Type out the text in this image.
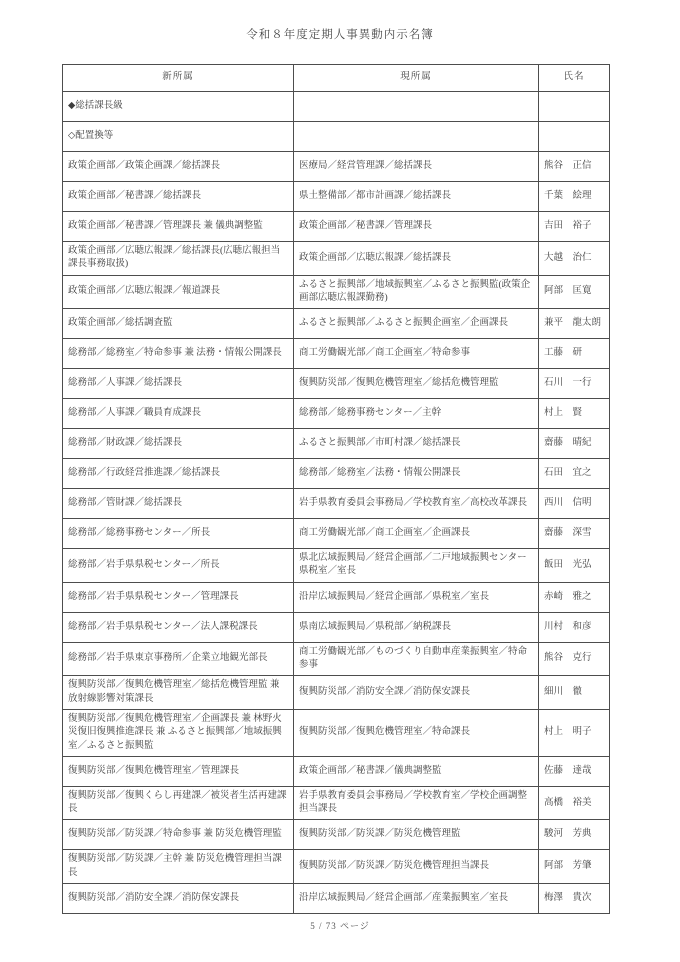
令和８年度定期人事異動内示名簿
新所属	現所属	氏名
◆総括課長級		
◇配置換等		
政策企画部／政策企画課／総括課長	医療局／経営管理課／総括課長	熊谷　正信
政策企画部／秘書課／総括課長	県土整備部／都市計画課／総括課長	千葉　絵理
政策企画部／秘書課／管理課長 兼 儀典調整監	政策企画部／秘書課／管理課長	吉田　裕子
政策企画部／広聴広報課／総括課長(広聴広報担当課長事務取扱)	政策企画部／広聴広報課／総括課長	大越　治仁
政策企画部／広聴広報課／報道課長	ふるさと振興部／地域振興室／ふるさと振興監(政策企画部広聴広報課勤務)	阿部　匡寛
政策企画部／総括調査監	ふるさと振興部／ふるさと振興企画室／企画課長	兼平　龍太朗
総務部／総務室／特命参事 兼 法務・情報公開課長	商工労働観光部／商工企画室／特命参事	工藤　研
総務部／人事課／総括課長	復興防災部／復興危機管理室／総括危機管理監	石川　一行
総務部／人事課／職員育成課長	総務部／総務事務センター／主幹	村上　賢
総務部／財政課／総括課長	ふるさと振興部／市町村課／総括課長	齋藤　晴紀
総務部／行政経営推進課／総括課長	総務部／総務室／法務・情報公開課長	石田　宜之
総務部／管財課／総括課長	岩手県教育委員会事務局／学校教育室／高校改革課長	西川　信明
総務部／総務事務センター／所長	商工労働観光部／商工企画室／企画課長	齋藤　深雪
総務部／岩手県県税センター／所長	県北広域振興局／経営企画部／二戸地域振興センター県税室／室長	飯田　光弘
総務部／岩手県県税センター／管理課長	沿岸広域振興局／経営企画部／県税室／室長	赤崎　雅之
総務部／岩手県県税センター／法人課税課長	県南広域振興局／県税部／納税課長	川村　和彦
総務部／岩手県東京事務所／企業立地観光部長	商工労働観光部／ものづくり自動車産業振興室／特命参事	熊谷　克行
復興防災部／復興危機管理室／総括危機管理監 兼 放射線影響対策課長	復興防災部／消防安全課／消防保安課長	細川　徹
復興防災部／復興危機管理室／企画課長 兼 林野火災復旧復興推進課長 兼 ふるさと振興部／地域振興室／ふるさと振興監	復興防災部／復興危機管理室／特命課長	村上　明子
復興防災部／復興危機管理室／管理課長	政策企画部／秘書課／儀典調整監	佐藤　達哉
復興防災部／復興くらし再建課／被災者生活再建課長	岩手県教育委員会事務局／学校教育室／学校企画調整担当課長	高橋　裕美
復興防災部／防災課／特命参事 兼 防災危機管理監	復興防災部／防災課／防災危機管理監	駿河　芳典
復興防災部／防災課／主幹 兼 防災危機管理担当課長	復興防災部／防災課／防災危機管理担当課長	阿部　芳肇
復興防災部／消防安全課／消防保安課長	沿岸広域振興局／経営企画部／産業振興室／室長	梅澤　貴次
5 / 73 ページ
